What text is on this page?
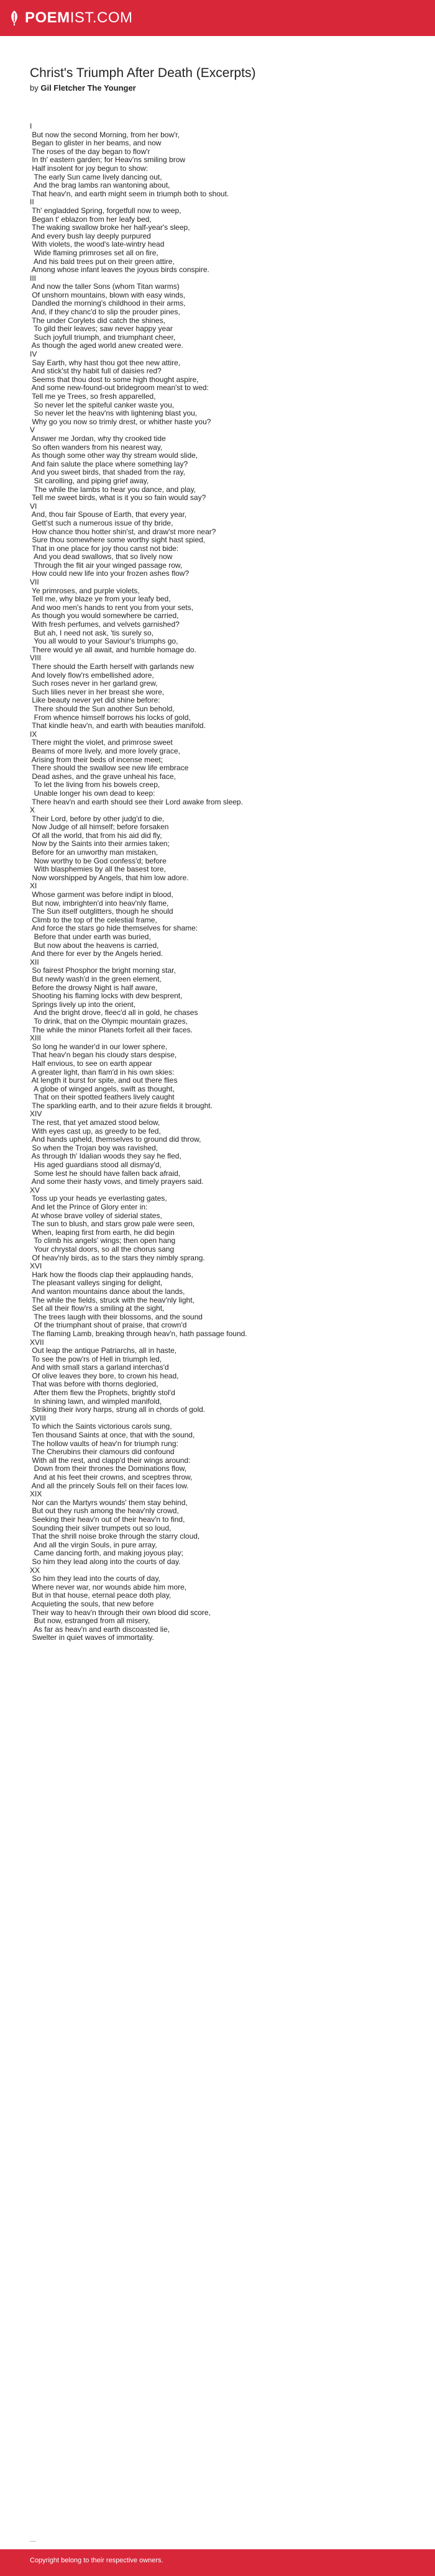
POEM IST.COM
Christ's Triumph After Death (Excerpts)
by Gil Fletcher The Younger
I
But now the second Morning, from her bow'r,
Began to glister in her beams, and now
The roses of the day began to flow'r
In th' eastern garden; for Heav'ns smiling brow
Half insolent for joy begun to show:
The early Sun came lively dancing out,
And the brag lambs ran wantoning about,
That heav'n, and earth might seem in triumph both to shout.
II
Th' engladded Spring, forgetfull now to weep,
Began t' eblazon from her leafy bed,
The waking swallow broke her half-year's sleep,
And every bush lay deeply purpured
With violets, the wood's late-wintry head
Wide flaming primroses set all on fire,
And his bald trees put on their green attire,
Among whose infant leaves the joyous birds conspire.
III
And now the taller Sons (whom Titan warms)
Of unshorn mountains, blown with easy winds,
Dandled the morning's childhood in their arms,
And, if they chanc'd to slip the prouder pines,
The under Corylets did catch the shines,
To gild their leaves; saw never happy year
Such joyfull triumph, and triumphant cheer,
As though the aged world anew created were.
IV
Say Earth, why hast thou got thee new attire,
And stick'st thy habit full of daisies red?
Seems that thou dost to some high thought aspire,
And some new-found-out bridegroom mean'st to wed:
Tell me ye Trees, so fresh apparelled,
So never let the spiteful canker waste you,
So never let the heav'ns with lightening blast you,
Why go you now so trimly drest, or whither haste you?
V
Answer me Jordan, why thy crooked tide
So often wanders from his nearest way,
As though some other way thy stream would slide,
And fain salute the place where something lay?
And you sweet birds, that shaded from the ray,
Sit carolling, and piping grief away,
The while the lambs to hear you dance, and play,
Tell me sweet birds, what is it you so fain would say?
VI
And, thou fair Spouse of Earth, that every year,
Gett'st such a numerous issue of thy bride,
How chance thou hotter shin'st, and draw'st more near?
Sure thou somewhere some worthy sight hast spied,
That in one place for joy thou canst not bide:
And you dead swallows, that so lively now
Through the flit air your winged passage row,
How could new life into your frozen ashes flow?
VII
Ye primroses, and purple violets,
Tell me, why blaze ye from your leafy bed,
And woo men's hands to rent you from your sets,
As though you would somewhere be carried,
With fresh perfumes, and velvets garnished?
But ah, I need not ask, 'tis surely so,
You all would to your Saviour's triumphs go,
There would ye all await, and humble homage do.
VIII
There should the Earth herself with garlands new
And lovely flow'rs embellished adore,
Such roses never in her garland grew,
Such lilies never in her breast she wore,
Like beauty never yet did shine before:
There should the Sun another Sun behold,
From whence himself borrows his locks of gold,
That kindle heav'n, and earth with beauties manifold.
IX
There might the violet, and primrose sweet
Beams of more lively, and more lovely grace,
Arising from their beds of incense meet;
There should the swallow see new life embrace
Dead ashes, and the grave unheal his face,
To let the living from his bowels creep,
Unable longer his own dead to keep:
There heav'n and earth should see their Lord awake from sleep.
X
Their Lord, before by other judg'd to die,
Now Judge of all himself; before forsaken
Of all the world, that from his aid did fly,
Now by the Saints into their armies taken;
Before for an unworthy man mistaken,
Now worthy to be God confess'd; before
With blasphemies by all the basest tore,
Now worshipped by Angels, that him low adore.
XI
Whose garment was before indipt in blood,
But now, imbrighten'd into heav'nly flame,
The Sun itself outglitters, though he should
Climb to the top of the celestial frame,
And force the stars go hide themselves for shame:
Before that under earth was buried,
But now about the heavens is carried,
And there for ever by the Angels heried.
XII
So fairest Phosphor the bright morning star,
But newly wash'd in the green element,
Before the drowsy Night is half aware,
Shooting his flaming locks with dew besprent,
Springs lively up into the orient,
And the bright drove, fleec'd all in gold, he chases
To drink, that on the Olympic mountain grazes,
The while the minor Planets forfeit all their faces.
XIII
So long he wander'd in our lower sphere,
That heav'n began his cloudy stars despise,
Half envious, to see on earth appear
A greater light, than flam'd in his own skies:
At length it burst for spite, and out there flies
A globe of winged angels, swift as thought,
That on their spotted feathers lively caught
The sparkling earth, and to their azure fields it brought.
XIV
The rest, that yet amazed stood below,
With eyes cast up, as greedy to be fed,
And hands upheld, themselves to ground did throw,
So when the Trojan boy was ravished,
As through th' Idalian woods they say he fled,
His aged guardians stood all dismay'd,
Some lest he should have fallen back afraid,
And some their hasty vows, and timely prayers said.
XV
Toss up your heads ye everlasting gates,
And let the Prince of Glory enter in:
At whose brave volley of siderial states,
The sun to blush, and stars grow pale were seen,
When, leaping first from earth, he did begin
To climb his angels' wings; then open hang
Your chrystal doors, so all the chorus sang
Of heav'nly birds, as to the stars they nimbly sprang.
XVI
Hark how the floods clap their applauding hands,
The pleasant valleys singing for delight,
And wanton mountains dance about the lands,
The while the fields, struck with the heav'nly light,
Set all their flow'rs a smiling at the sight,
The trees laugh with their blossoms, and the sound
Of the triumphant shout of praise, that crown'd
The flaming Lamb, breaking through heav'n, hath passage found.
XVII
Out leap the antique Patriarchs, all in haste,
To see the pow'rs of Hell in triumph led,
And with small stars a garland interchas'd
Of olive leaves they bore, to crown his head,
That was before with thorns degloried,
After them flew the Prophets, brightly stol'd
In shining lawn, and wimpled manifold,
Striking their ivory harps, strung all in chords of gold.
XVIII
To which the Saints victorious carols sung,
Ten thousand Saints at once, that with the sound,
The hollow vaults of heav'n for triumph rung:
The Cherubins their clamours did confound
With all the rest, and clapp'd their wings around:
Down from their thrones the Dominations flow,
And at his feet their crowns, and sceptres throw,
And all the princely Souls fell on their faces low.
XIX
Nor can the Martyrs wounds' them stay behind,
But out they rush among the heav'nly crowd,
Seeking their heav'n out of their heav'n to find,
Sounding their silver trumpets out so loud,
That the shrill noise broke through the starry cloud,
And all the virgin Souls, in pure array,
Came dancing forth, and making joyous play;
So him they lead along into the courts of day.
XX
So him they lead into the courts of day,
Where never war, nor wounds abide him more,
But in that house, eternal peace doth play,
Acquieting the souls, that new before
Their way to heav'n through their own blood did score,
But now, estranged from all misery,
As far as heav'n and earth discoasted lie,
Swelter in quiet waves of immortality.
...
Copyright belong to their respective owners.
